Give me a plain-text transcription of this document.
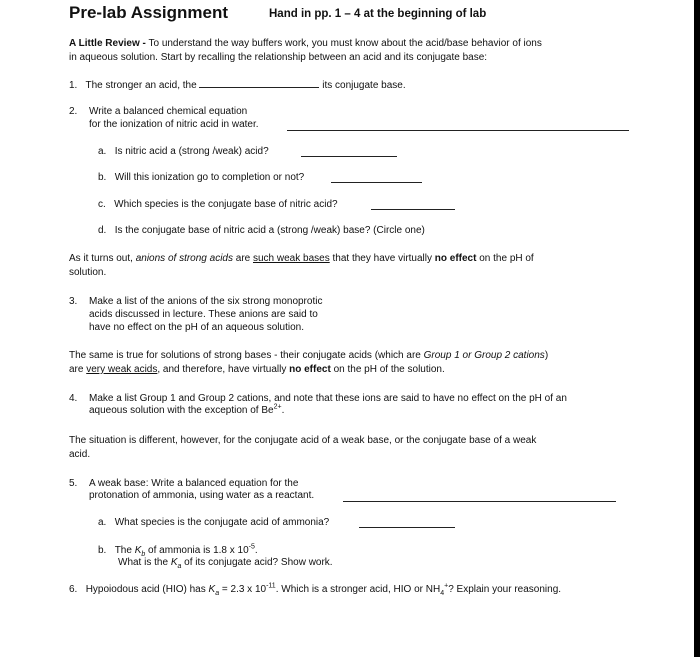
Pre-lab Assignment	Hand in pp. 1 – 4 at the beginning of lab
A Little Review - To understand the way buffers work, you must know about the acid/base behavior of ions
in aqueous solution. Start by recalling the relationship between an acid and its conjugate base:
1. The stronger an acid, the	its conjugate base.
2. Write a balanced chemical equation
for the ionization of nitric acid in water.
a. Is nitric acid a (strong /weak) acid?
b. Will this ionization go to completion or not?
c. Which species is the conjugate base of nitric acid?
d. Is the conjugate base of nitric acid a (strong /weak) base? (Circle one)
As it turns out, anions of strong acids are such weak bases that they have virtually no effect on the pH of
solution.
3. Make a list of the anions of the six strong monoprotic
acids discussed in lecture. These anions are said to
have no effect on the pH of an aqueous solution.
The same is true for solutions of strong bases - their conjugate acids (which are Group 1 or Group 2 cations)
are very weak acids, and therefore, have virtually no effect on the pH of the solution.
4. Make a list Group 1 and Group 2 cations, and note that these ions are said to have no effect on the pH of an
aqueous solution with the exception of $Be^{2+}$.
The situation is different, however, for the conjugate acid of a weak base, or the conjugate base of a weak
acid.
5. A weak base: Write a balanced equation for the
protonation of ammonia, using water as a reactant.
a. What species is the conjugate acid of ammonia?
b. The $K_b$ of ammonia is 1.8 x $10^{-5}$.
What is the $K_a$ of its conjugate acid? Show work.
6. Hypoiodous acid (HIO) has $K_a = 2.3$ x $10^{-11}$. Which is a stronger acid, HIO or $NH_4^+$? Explain your reasoning.
